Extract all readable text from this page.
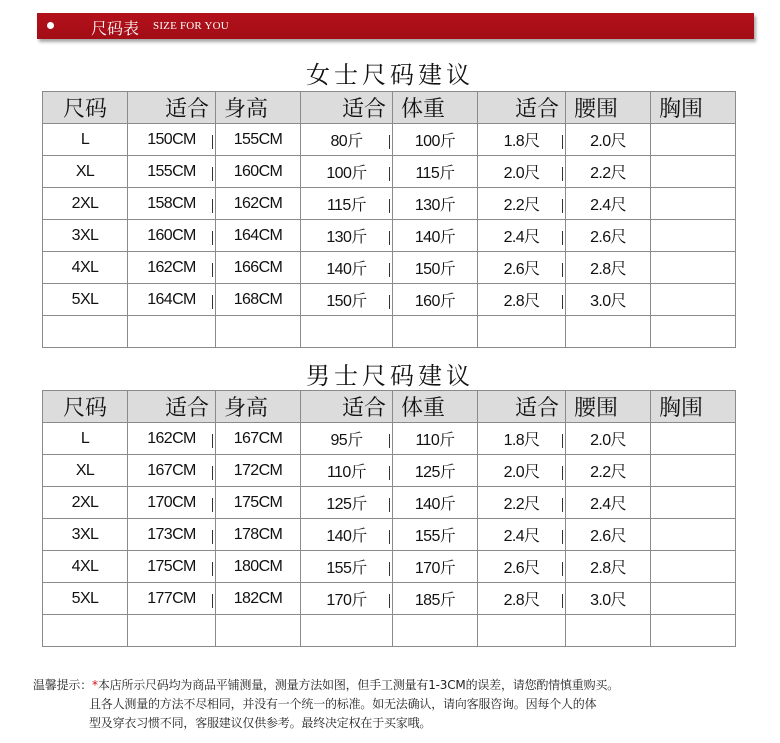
尺码表 SIZE FOR YOU
女士尺码建议
尺码	适合	身高	适合	体重	适合	腰围	胸围
L	150CM	155CM	80斤	100斤	1.8尺	2.0尺	
XL	155CM	160CM	100斤	115斤	2.0尺	2.2尺	
2XL	158CM	162CM	115斤	130斤	2.2尺	2.4尺	
3XL	160CM	164CM	130斤	140斤	2.4尺	2.6尺	
4XL	162CM	166CM	140斤	150斤	2.6尺	2.8尺	
5XL	164CM	168CM	150斤	160斤	2.8尺	3.0尺	

男士尺码建议
尺码	适合	身高	适合	体重	适合	腰围	胸围
L	162CM	167CM	95斤	110斤	1.8尺	2.0尺	
XL	167CM	172CM	110斤	125斤	2.0尺	2.2尺	
2XL	170CM	175CM	125斤	140斤	2.2尺	2.4尺	
3XL	173CM	178CM	140斤	155斤	2.4尺	2.6尺	
4XL	175CM	180CM	155斤	170斤	2.6尺	2.8尺	
5XL	177CM	182CM	170斤	185斤	2.8尺	3.0尺	

温馨提示：*本店所示尺码均为商品平铺测量，测量方法如图，但手工测量有1-3CM的误差，请您酌情慎重购买。
且各人测量的方法不尽相同，并没有一个统一的标准。如无法确认，请向客服咨询。因每个人的体
型及穿衣习惯不同，客服建议仅供参考。最终决定权在于买家哦。
